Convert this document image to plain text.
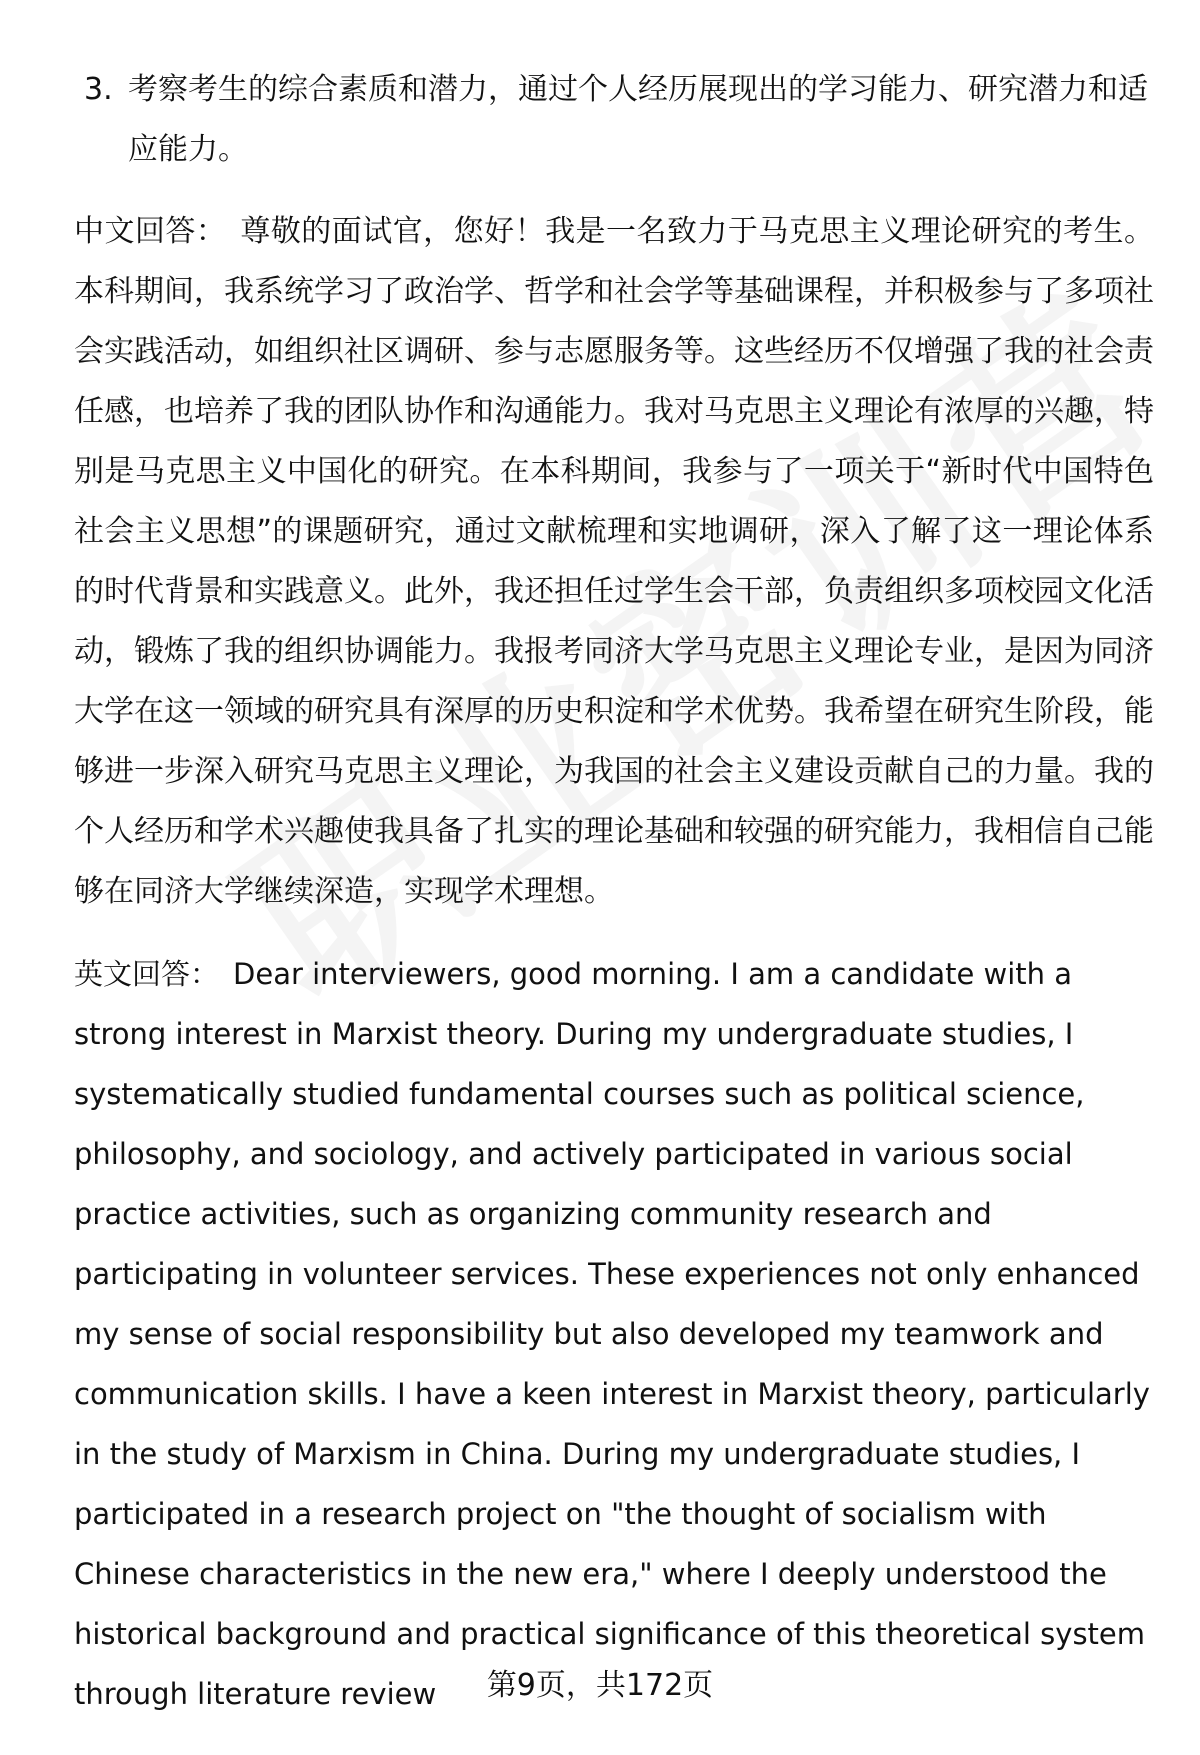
3. 考察考生的综合素质和潜力，通过个人经历展现出的学习能力、研究潜力和适应能力。
中文回答： 尊敬的面试官，您好！我是一名致力于马克思主义理论研究的考生。本科期间，我系统学习了政治学、哲学和社会学等基础课程，并积极参与了多项社会实践活动，如组织社区调研、参与志愿服务等。这些经历不仅增强了我的社会责任感，也培养了我的团队协作和沟通能力。我对马克思主义理论有浓厚的兴趣，特别是马克思主义中国化的研究。在本科期间，我参与了一项关于“新时代中国特色社会主义思想”的课题研究，通过文献梳理和实地调研，深入了解了这一理论体系的时代背景和实践意义。此外，我还担任过学生会干部，负责组织多项校园文化活动，锻炼了我的组织协调能力。我报考同济大学马克思主义理论专业，是因为同济大学在这一领域的研究具有深厚的历史积淀和学术优势。我希望在研究生阶段，能够进一步深入研究马克思主义理论，为我国的社会主义建设贡献自己的力量。我的个人经历和学术兴趣使我具备了扎实的理论基础和较强的研究能力，我相信自己能够在同济大学继续深造，实现学术理想。
英文回答： Dear interviewers, good morning. I am a candidate with a strong interest in Marxist theory. During my undergraduate studies, I systematically studied fundamental courses such as political science, philosophy, and sociology, and actively participated in various social practice activities, such as organizing community research and participating in volunteer services. These experiences not only enhanced my sense of social responsibility but also developed my teamwork and communication skills. I have a keen interest in Marxist theory, particularly in the study of Marxism in China. During my undergraduate studies, I participated in a research project on "the thought of socialism with Chinese characteristics in the new era," where I deeply understood the historical background and practical significance of this theoretical system through literature review	第9页，共172页
